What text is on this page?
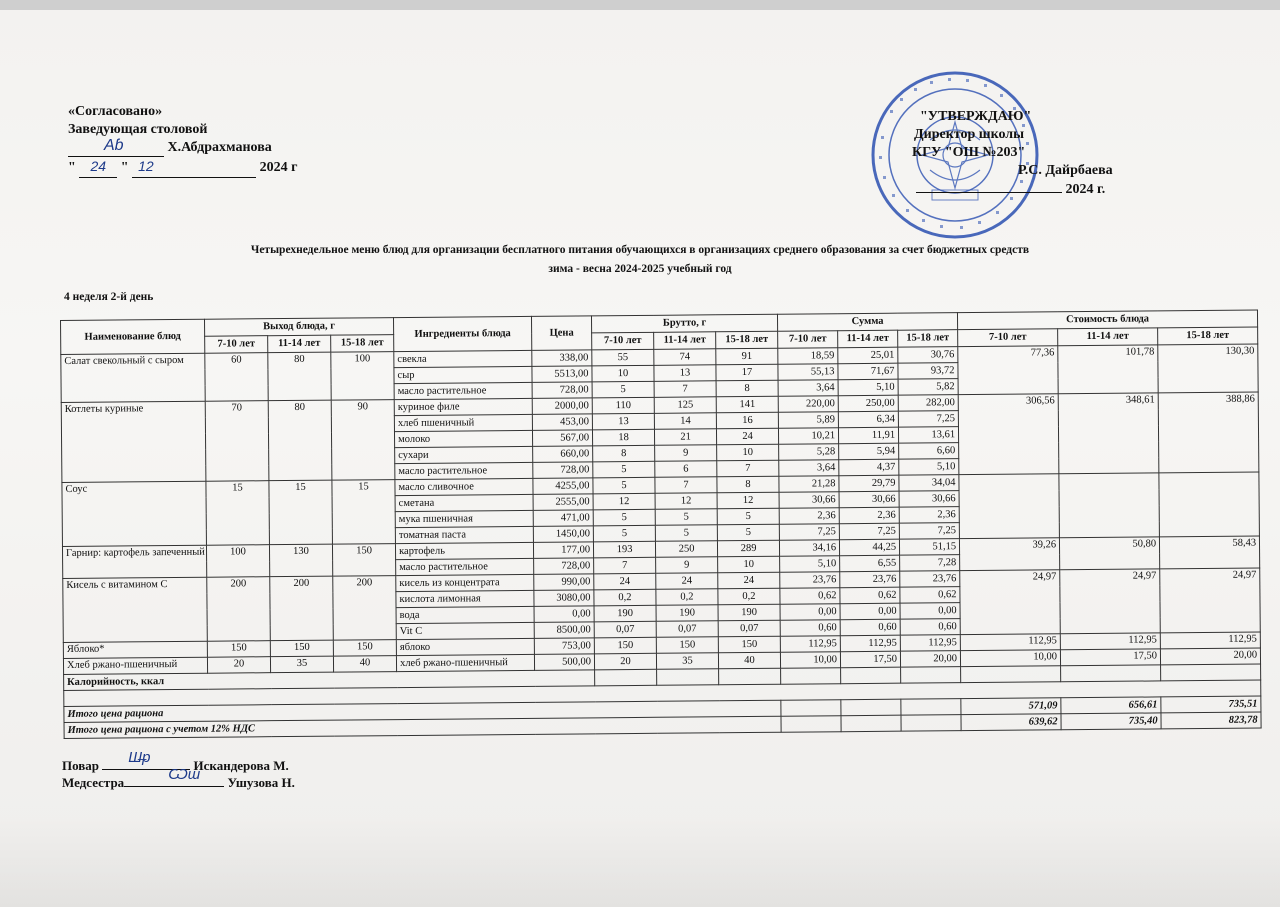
«Согласовано»
Заведующая столовой
Aɓ	Х.Абдрахманова
" 24 " 12	2024 г
"УТВЕРЖДАЮ"
Директор школы
КГУ "ОШ №203"
Р.С. Дайрбаева
2024 г.
Четырехнедельное меню блюд для организации бесплатного питания обучающихся в организациях среднего образования за счет бюджетных средств
зима - весна 2024-2025 учебный год
4 неделя 2-й день
Наименование блюд	Выход блюда, г			Ингредиенты блюда	Цена	Брутто, г			Сумма			Стоимость блюда		
	7-10 лет	11-14 лет	15-18 лет			7-10 лет	11-14 лет	15-18 лет	7-10 лет	11-14 лет	15-18 лет	7-10 лет	11-14 лет	15-18 лет
Салат свекольный с сыром	60	80	100	свекла	338,00	55	74	91	18,59	25,01	30,76	77,36	101,78	130,30
				сыр	5513,00	10	13	17	55,13	71,67	93,72			
				масло растительное	728,00	5	7	8	3,64	5,10	5,82			
Котлеты куриные	70	80	90	куриное филе	2000,00	110	125	141	220,00	250,00	282,00	306,56	348,61	388,86
				хлеб пшеничный	453,00	13	14	16	5,89	6,34	7,25			
				молоко	567,00	18	21	24	10,21	11,91	13,61			
				сухари	660,00	8	9	10	5,28	5,94	6,60			
				масло растительное	728,00	5	6	7	3,64	4,37	5,10			
Соус	15	15	15	масло сливочное	4255,00	5	7	8	21,28	29,79	34,04			
				сметана	2555,00	12	12	12	30,66	30,66	30,66			
				мука пшеничная	471,00	5	5	5	2,36	2,36	2,36			
				томатная паста	1450,00	5	5	5	7,25	7,25	7,25			
Гарнир: картофель запеченный	100	130	150	картофель	177,00	193	250	289	34,16	44,25	51,15	39,26	50,80	58,43
				масло растительное	728,00	7	9	10	5,10	6,55	7,28			
Кисель с витамином С	200	200	200	кисель из концентрата	990,00	24	24	24	23,76	23,76	23,76	24,97	24,97	24,97
				кислота лимонная	3080,00	0,2	0,2	0,2	0,62	0,62	0,62			
				вода	0,00	190	190	190	0,00	0,00	0,00			
				Vit C	8500,00	0,07	0,07	0,07	0,60	0,60	0,60			
Яблоко*	150	150	150	яблоко	753,00	150	150	150	112,95	112,95	112,95	112,95	112,95	112,95
Хлеб ржано-пшеничный	20	35	40	хлеб ржано-пшеничный	500,00	20	35	40	10,00	17,50	20,00	10,00	17,50	20,00
Калорийность, ккал														

Итого цена рациона												571,09	656,61	735,51
Итого цена рациона с учетом 12% НДС												639,62	735,40	823,78
Повар Ш̶р	Искандерова М.
Медсестра	Ѡш Ушузова Н.
